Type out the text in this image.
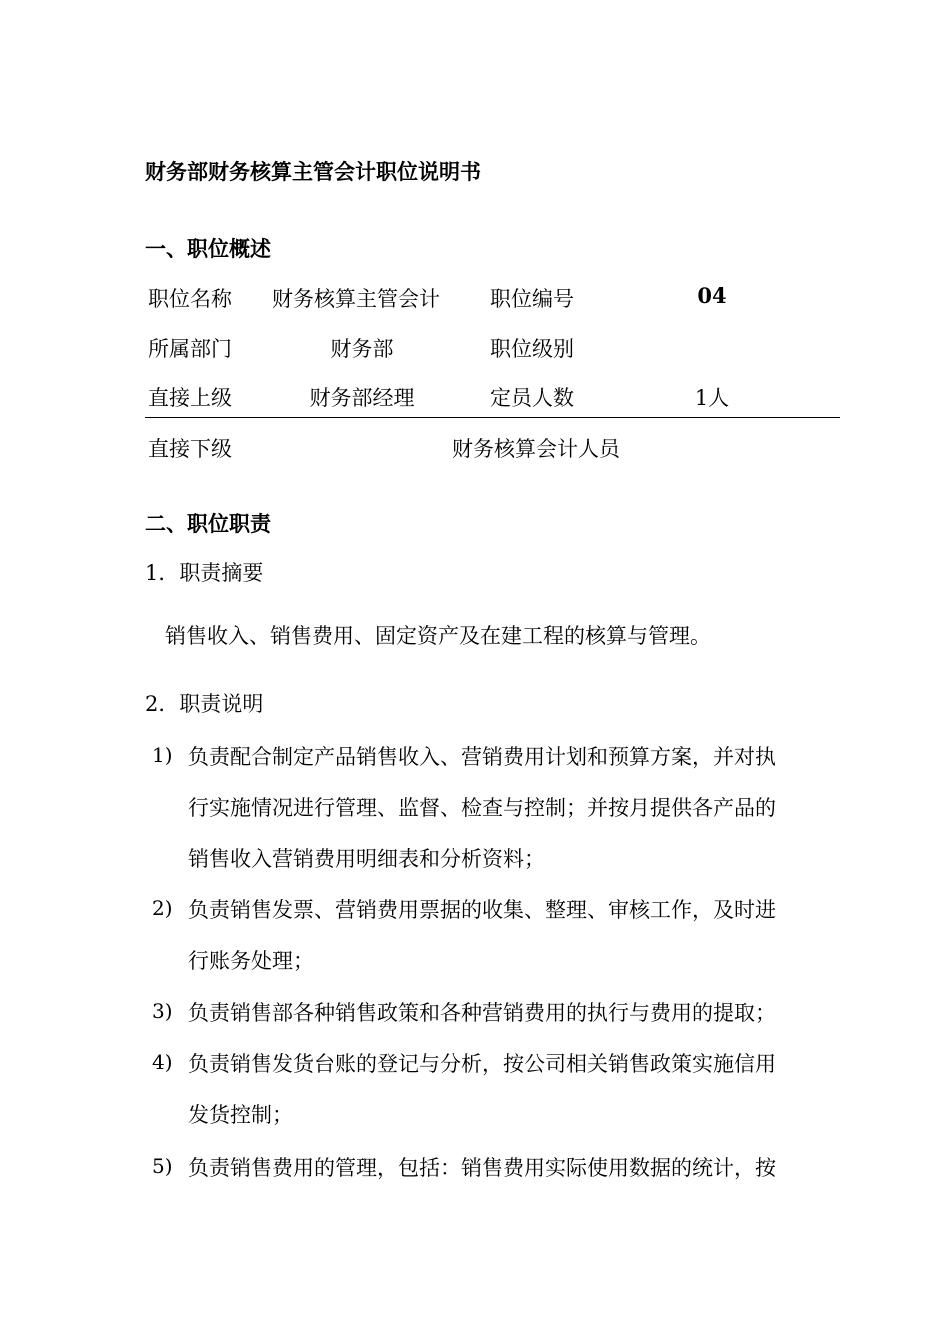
财务部财务核算主管会计职位说明书
一、职位概述
职位名称 财务核算主管会计 职位编号	04
所属部门	财务部	职位级别
直接上级	财务部经理	定员人数	1人
直接下级	财务核算会计人员
二、职位职责
1．职责摘要
销售收入、销售费用、固定资产及在建工程的核算与管理。
2．职责说明
1) 负责配合制定产品销售收入、营销费用计划和预算方案，并对执
行实施情况进行管理、监督、检查与控制；并按月提供各产品的
销售收入营销费用明细表和分析资料；
2) 负责销售发票、营销费用票据的收集、整理、审核工作，及时进
行账务处理；
3) 负责销售部各种销售政策和各种营销费用的执行与费用的提取；
4) 负责销售发货台账的登记与分析，按公司相关销售政策实施信用
发货控制；
5) 负责销售费用的管理，包括：销售费用实际使用数据的统计，按
